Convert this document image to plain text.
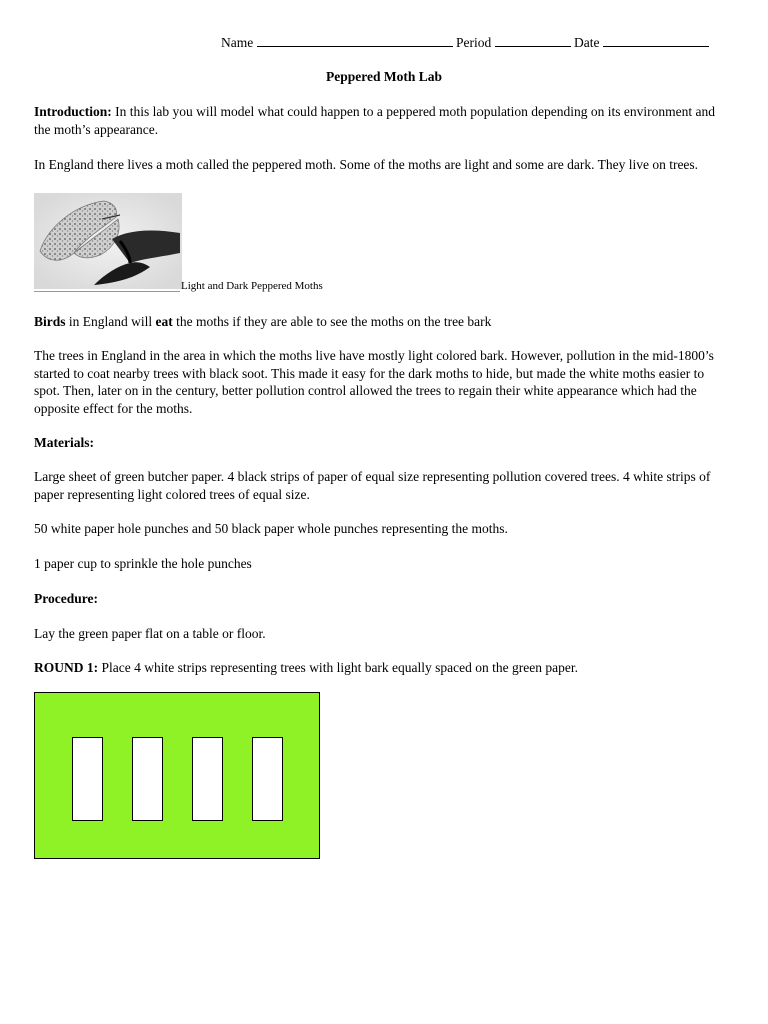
Name	Period	Date
Peppered Moth Lab
Introduction: In this lab you will model what could happen to a peppered moth population depending on its environment and the moth’s appearance.
In England there lives a moth called the peppered moth. Some of the moths are light and some are dark. They live on trees.
Light and Dark Peppered Moths
Birds in England will eat the moths if they are able to see the moths on the tree bark
The trees in England in the area in which the moths live have mostly light colored bark. However, pollution in the mid-1800’s started to coat nearby trees with black soot. This made it easy for the dark moths to hide, but made the white moths easier to spot. Then, later on in the century, better pollution control allowed the trees to regain their white appearance which had the opposite effect for the moths.
Materials:
Large sheet of green butcher paper. 4 black strips of paper of equal size representing pollution covered trees. 4 white strips of paper representing light colored trees of equal size.
50 white paper hole punches and 50 black paper whole punches representing the moths.
1 paper cup to sprinkle the hole punches
Procedure:
Lay the green paper flat on a table or floor.
ROUND 1: Place 4 white strips representing trees with light bark equally spaced on the green paper.
